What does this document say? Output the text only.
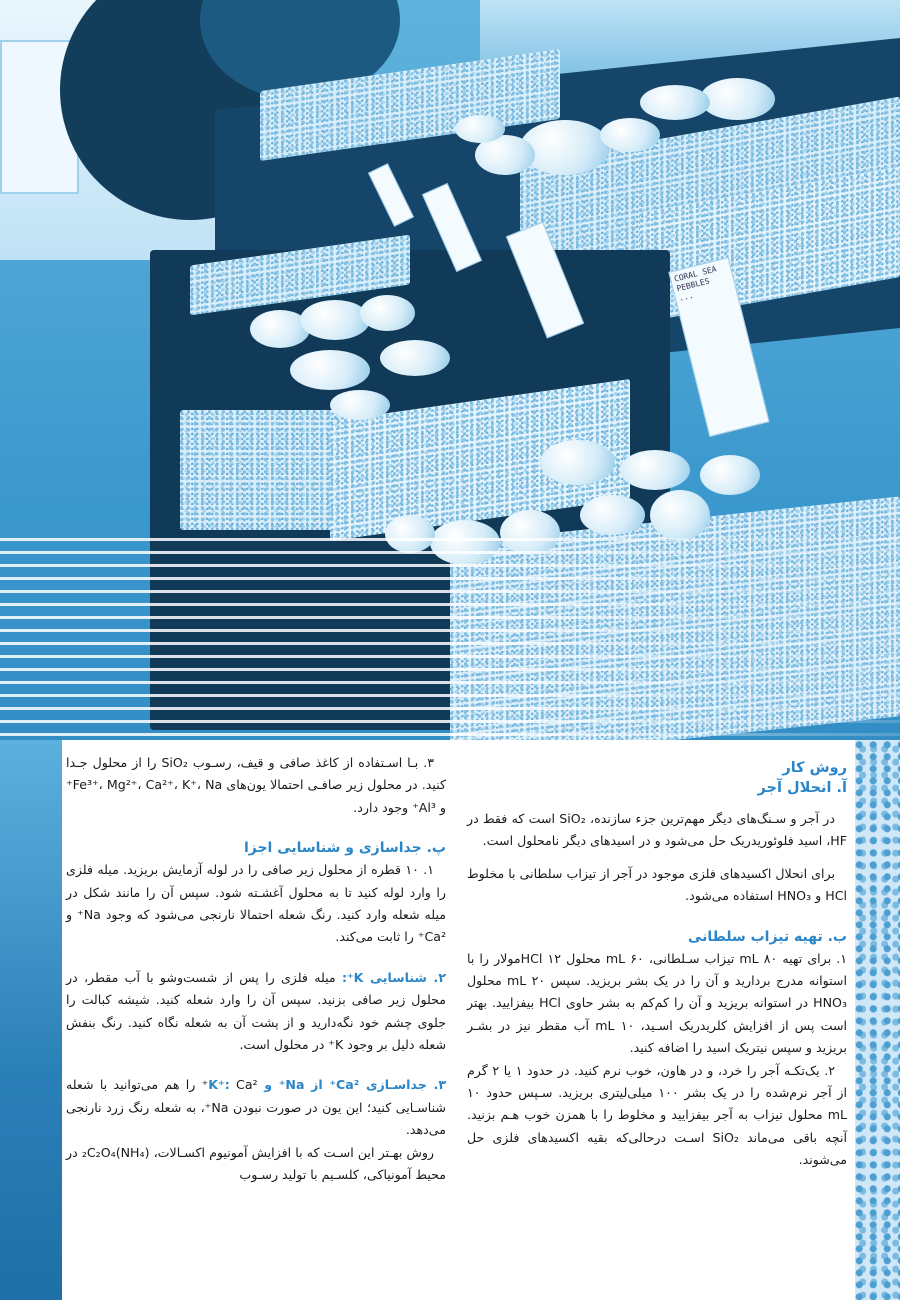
CORAL SEA
PEBBLES
...

روش کار

آ. انحلال آجر

در آجر و سـنگ‌های دیگر مهم‌ترین جزء سازنده، SiO₂ است که فقط در HF، اسید فلوئوریدریک حل می‌شود و در اسیدهای دیگر نامحلول است.

برای انحلال اکسیدهای فلزی موجود در آجر از تیزاب سلطانی با مخلوط HCl و HNO₃ استفاده می‌شود.

ب. تهیه تیزاب سلطانی

۱. برای تهیه ۸۰ mL تیزاب سـلطانی، ۶۰ mL محلول HCl ۱۲مولار را با استوانه مدرج بردارید و آن را در یک بشر بریزید. سپس ۲۰ mL محلول HNO₃ در استوانه بریزید و آن را کم‌کم به بشر حاوی HCl بیفزایید. بهتر است پس از افزایش کلریدریک اسـید، ۱۰ mL آب مقطر نیز در بشـر بریزید و سپس نیتریک اسید را اضافه کنید.

۲. یک‌تکـه آجر را خرد، و در هاون، خوب نرم کنید. در حدود ۱ یا ۲ گرم از آجر نرم‌شده را در یک بشر ۱۰۰ میلی‌لیتری بریزید. سـپس حدود ۱۰ mL محلول تیزاب به آجر بیفزایید و مخلوط را با همزن خوب هـم بزنید. آنچه باقی می‌ماند SiO₂ اسـت درحالی‌که بقیه اکسیدهای فلزی حل می‌شوند.

۳. بـا اسـتفاده از کاغذ صافی و قیف، رسـوب SiO₂ را از محلول جـدا کنید. در محلول زیر صافـی احتمالا یون‌های Fe³⁺، Mg²⁺، Ca²⁺، K⁺، Na⁺ و Al³⁺ وجود دارد.

پ. جداسازی و شناسایی اجزا

۱. ۱۰ قطره از محلول زیر صافی را در لوله آزمایش بریزید. میله فلزی را وارد لوله کنید تا به محلول آغشـته شود. سپس آن را مانند شکل در میله شعله وارد کنید. رنگ شعله احتمالا نارنجی می‌شود که وجود Na⁺ و Ca²⁺ را ثابت می‌کند.

۲. شناسایی K⁺: میله فلزی را پس از شست‌وشو با آب مقطر، در محلول زیر صافی بزنید. سپس آن را وارد شعله کنید. شیشه کبالت را جلوی چشم خود نگه‌دارید و از پشت آن به شعله نگاه کنید. رنگ بنفش شعله دلیل بر وجود K⁺ در محلول است.

۳. جداسـازی Ca²⁺ از Na⁺ و K⁺: Ca²⁺ را هم می‌توانید با شعله شناسـایی کنید؛ این یون در صورت نبودن Na⁺، به شعله رنگ زرد نارنجی می‌دهد.

روش بهـتر این اسـت که با افزایش آمونیوم اکسـالات، (NH₄)₂C₂O₄ در محیط آمونیاکی، کلسـیم با تولید رسـوب
